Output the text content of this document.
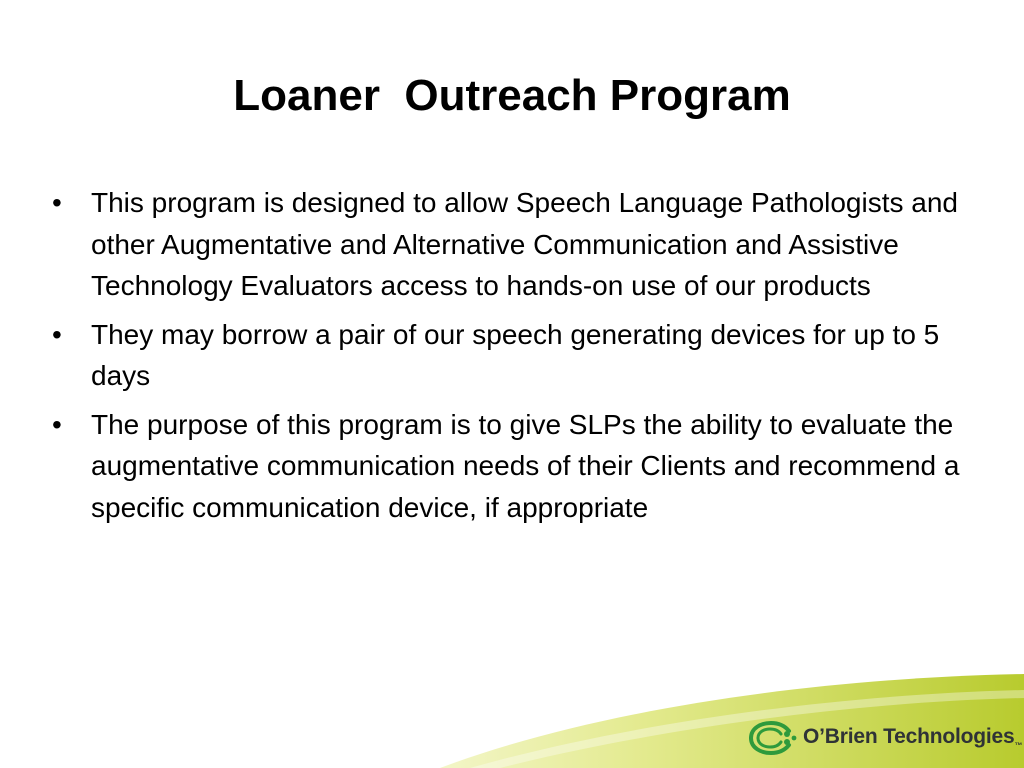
Loaner  Outreach Program
•	This program is designed to allow Speech Language Pathologists and other Augmentative and Alternative Communication and Assistive Technology Evaluators access to hands-on use of our products
•	They may borrow a pair of our speech generating devices for up to 5 days
•	The purpose of this program is to give SLPs the ability to evaluate the augmentative communication needs of their Clients and recommend a specific communication device, if appropriate
O’Brien Technologies$_™$
